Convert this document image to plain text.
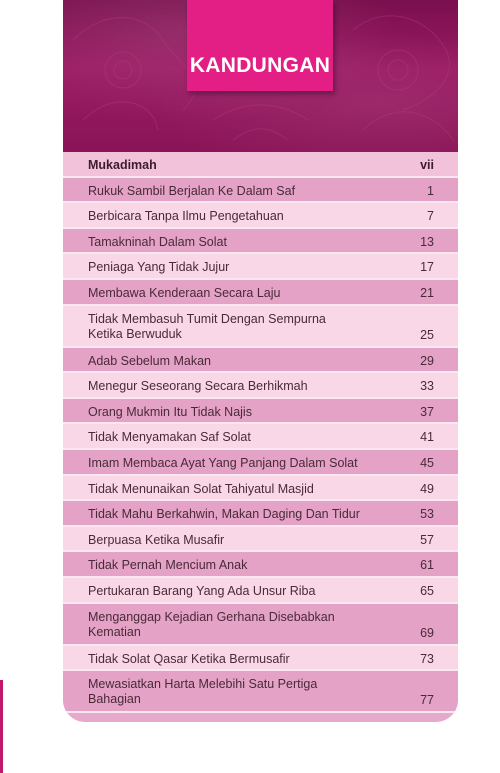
KANDUNGAN
Mukadimah	vii
Rukuk Sambil Berjalan Ke Dalam Saf	1
Berbicara Tanpa Ilmu Pengetahuan	7
Tamakninah Dalam Solat	13
Peniaga Yang Tidak Jujur	17
Membawa Kenderaan Secara Laju	21
Tidak Membasuh Tumit Dengan Sempurna
Ketika Berwuduk	25
Adab Sebelum Makan	29
Menegur Seseorang Secara Berhikmah	33
Orang Mukmin Itu Tidak Najis	37
Tidak Menyamakan Saf Solat	41
Imam Membaca Ayat Yang Panjang Dalam Solat	45
Tidak Menunaikan Solat Tahiyatul Masjid	49
Tidak Mahu Berkahwin, Makan Daging Dan Tidur	53
Berpuasa Ketika Musafir	57
Tidak Pernah Mencium Anak	61
Pertukaran Barang Yang Ada Unsur Riba	65
Menganggap Kejadian Gerhana Disebabkan
Kematian	69
Tidak Solat Qasar Ketika Bermusafir	73
Mewasiatkan Harta Melebihi Satu Pertiga
Bahagian	77
